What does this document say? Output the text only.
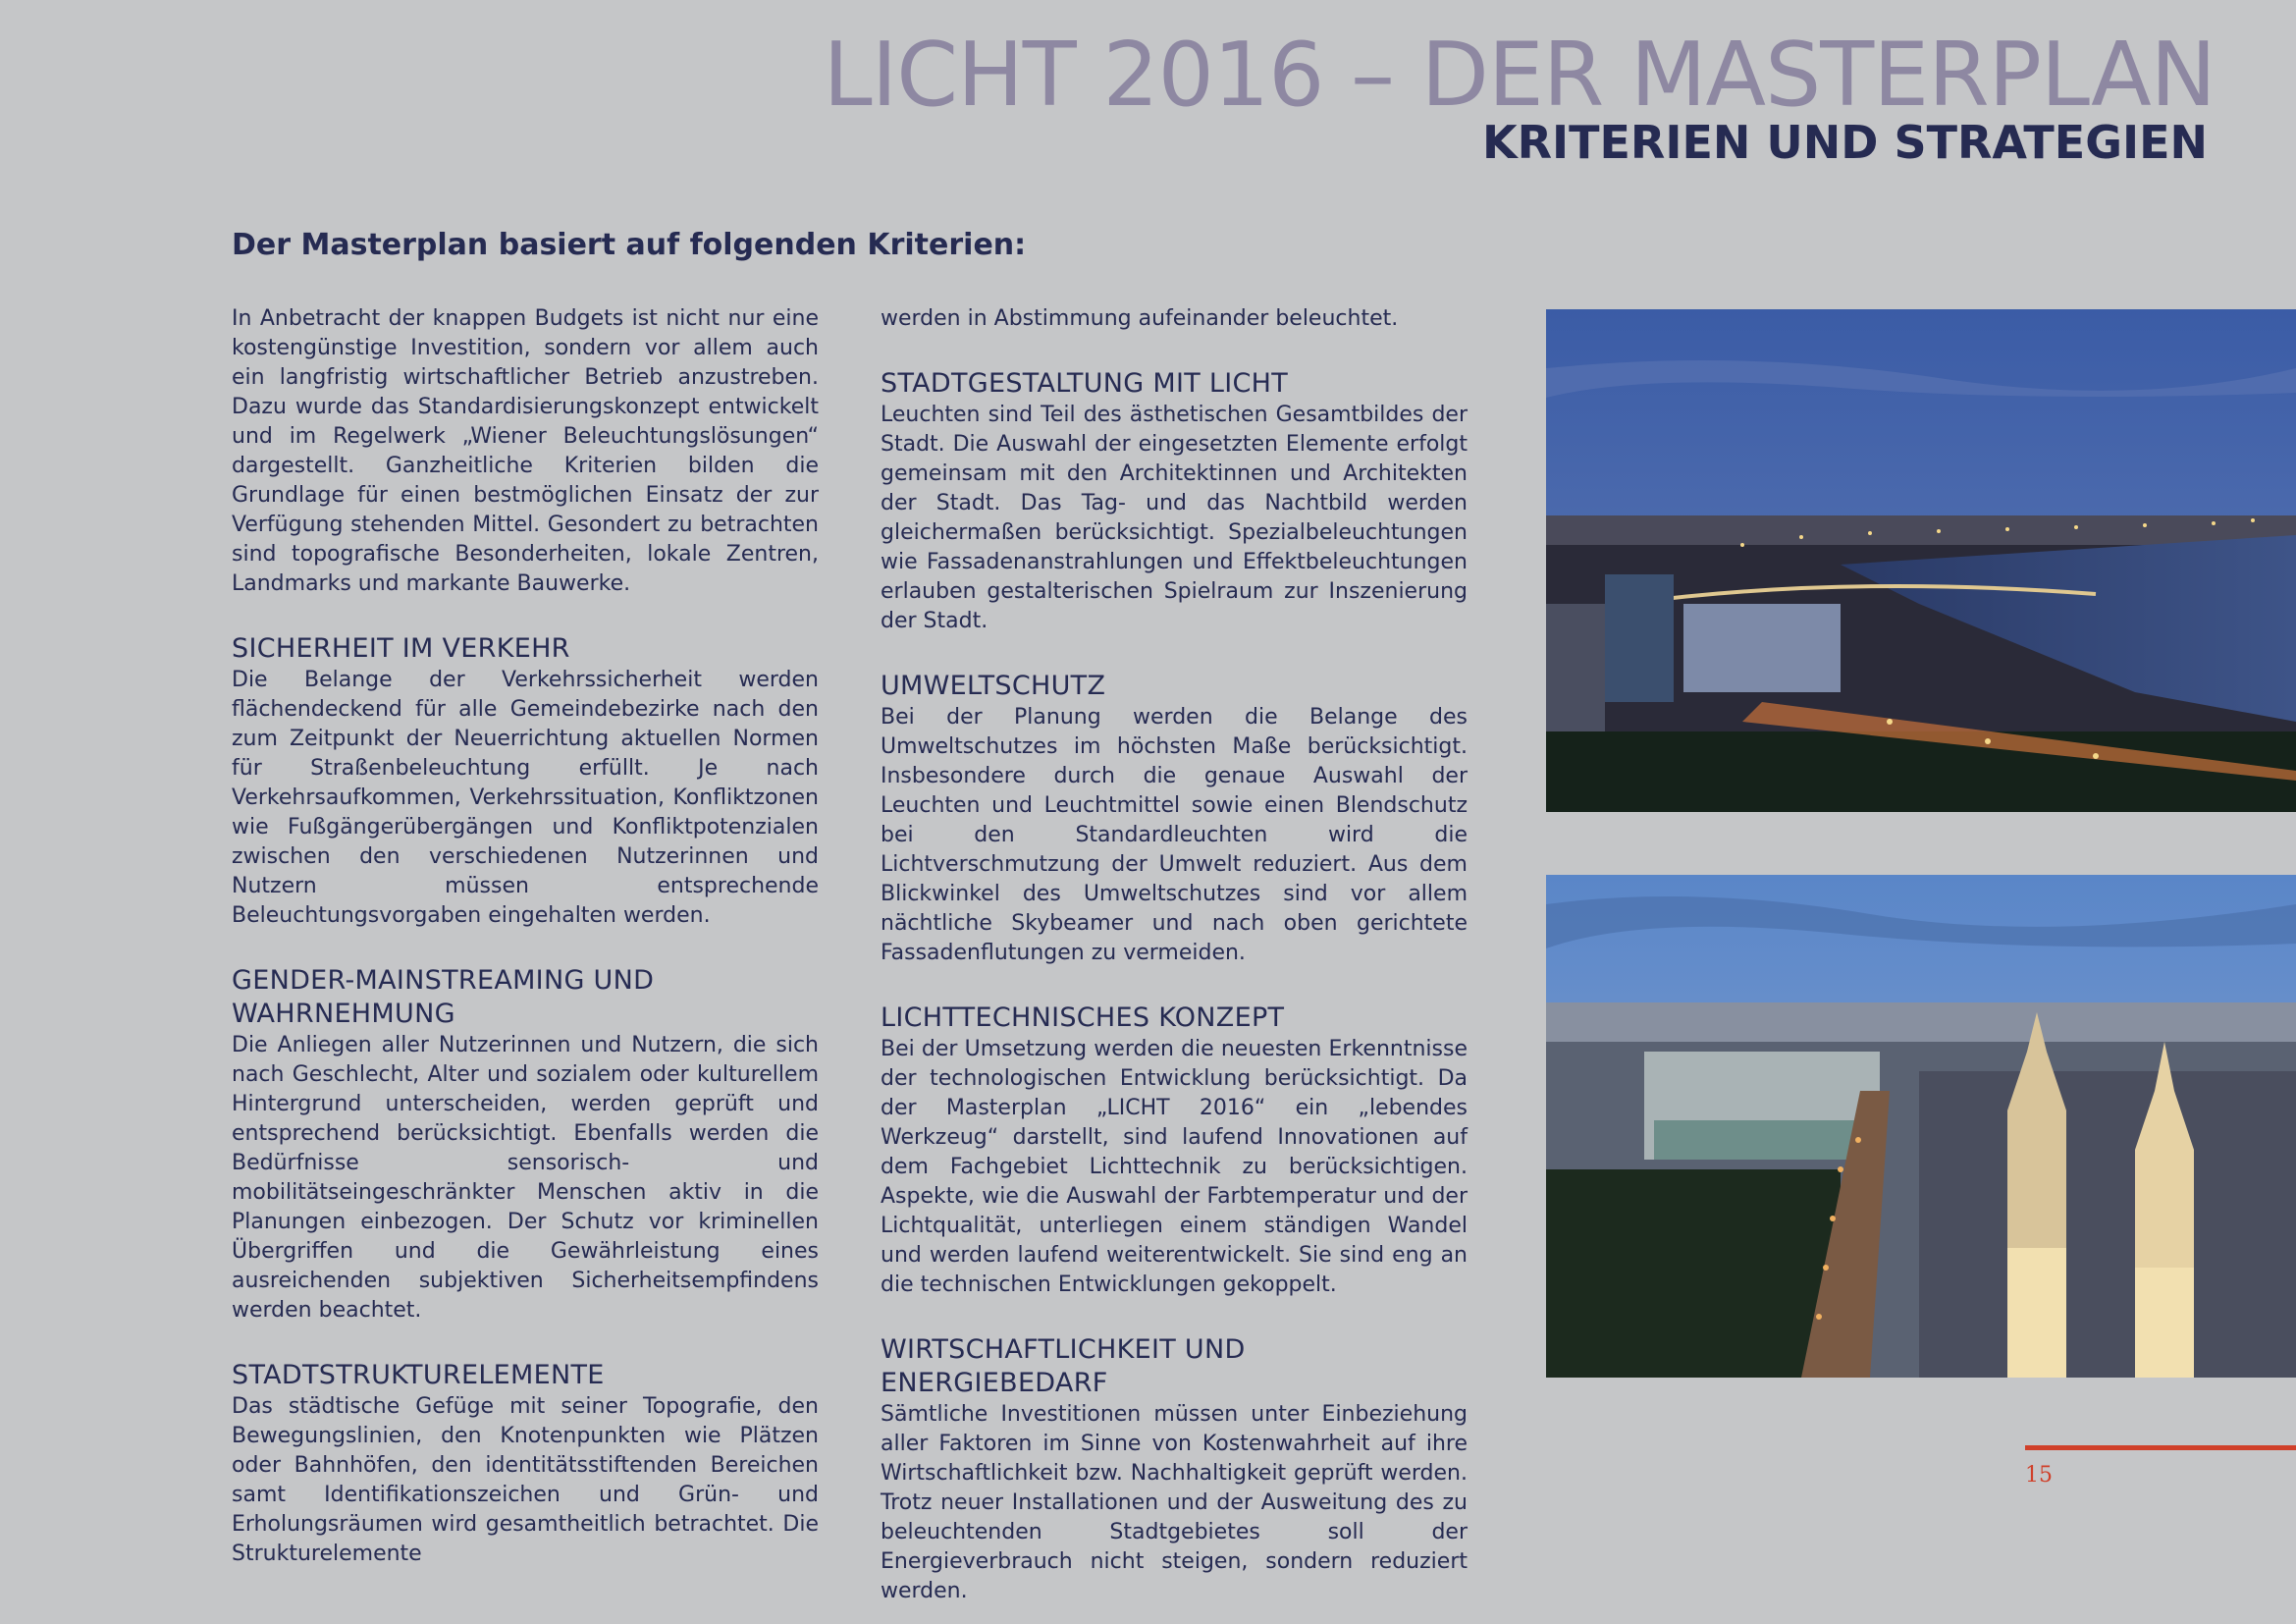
LICHT 2016 – DER MASTERPLAN
KRITERIEN UND STRATEGIEN
Der Masterplan basiert auf folgenden Kriterien:

In Anbetracht der knappen Budgets ist nicht nur eine kostengünstige Investition, sondern vor allem auch ein langfristig wirtschaftlicher Betrieb anzustreben. Dazu wurde das Standardisierungskonzept entwickelt und im Regelwerk „Wiener Beleuchtungslösungen“ dargestellt. Ganzheitliche Kriterien bilden die Grundlage für einen bestmöglichen Einsatz der zur Verfügung stehenden Mittel. Gesondert zu betrachten sind topografische Besonderheiten, lokale Zentren, Landmarks und markante Bauwerke.

SICHERHEIT IM VERKEHR

Die Belange der Verkehrssicherheit werden flächendeckend für alle Gemeindebezirke nach den zum Zeitpunkt der Neuerrichtung aktuellen Normen für Straßenbeleuchtung erfüllt. Je nach Verkehrsaufkommen, Verkehrssituation, Konfliktzonen wie Fußgängerübergängen und Konfliktpotenzialen zwischen den verschiedenen Nutzerinnen und Nutzern müssen entsprechende Beleuchtungsvorgaben eingehalten werden.

GENDER-MAINSTREAMING UND WAHRNEHMUNG

Die Anliegen aller Nutzerinnen und Nutzern, die sich nach Geschlecht, Alter und sozialem oder kulturellem Hintergrund unterscheiden, werden geprüft und entsprechend berücksichtigt. Ebenfalls werden die Bedürfnisse sensorisch- und mobilitätseingeschränkter Menschen aktiv in die Planungen einbezogen. Der Schutz vor kriminellen Übergriffen und die Gewährleistung eines ausreichenden subjektiven Sicherheitsempfindens werden beachtet.

STADTSTRUKTURELEMENTE

Das städtische Gefüge mit seiner Topografie, den Bewegungslinien, den Knotenpunkten wie Plätzen oder Bahnhöfen, den identitätsstiftenden Bereichen samt Identifikationszeichen und Grün- und Erholungsräumen wird gesamtheitlich betrachtet. Die Strukturelemente

werden in Abstimmung aufeinander beleuchtet.

STADTGESTALTUNG MIT LICHT

Leuchten sind Teil des ästhetischen Gesamtbildes der Stadt. Die Auswahl der eingesetzten Elemente erfolgt gemeinsam mit den Architektinnen und Architekten der Stadt. Das Tag- und das Nachtbild werden gleichermaßen berücksichtigt. Spezialbeleuchtungen wie Fassadenanstrahlungen und Effektbeleuchtungen erlauben gestalterischen Spielraum zur Inszenierung der Stadt.

UMWELTSCHUTZ

Bei der Planung werden die Belange des Umweltschutzes im höchsten Maße berücksichtigt. Insbesondere durch die genaue Auswahl der Leuchten und Leuchtmittel sowie einen Blendschutz bei den Standardleuchten wird die Lichtverschmutzung der Umwelt reduziert. Aus dem Blickwinkel des Umweltschutzes sind vor allem nächtliche Skybeamer und nach oben gerichtete Fassadenflutungen zu vermeiden.

LICHTTECHNISCHES KONZEPT

Bei der Umsetzung werden die neuesten Erkenntnisse der technologischen Entwicklung berücksichtigt. Da der Masterplan „LICHT 2016“ ein „lebendes Werkzeug“ darstellt, sind laufend Innovationen auf dem Fachgebiet Lichttechnik zu berücksichtigen. Aspekte, wie die Auswahl der Farbtemperatur und der Lichtqualität, unterliegen einem ständigen Wandel und werden laufend weiterentwickelt. Sie sind eng an die technischen Entwicklungen gekoppelt.

WIRTSCHAFTLICHKEIT UND ENERGIEBEDARF

Sämtliche Investitionen müssen unter Einbeziehung aller Faktoren im Sinne von Kostenwahrheit auf ihre Wirtschaftlichkeit bzw. Nachhaltigkeit geprüft werden. Trotz neuer Installationen und der Ausweitung des zu beleuchtenden Stadtgebietes soll der Energieverbrauch nicht steigen, sondern reduziert werden.

15
